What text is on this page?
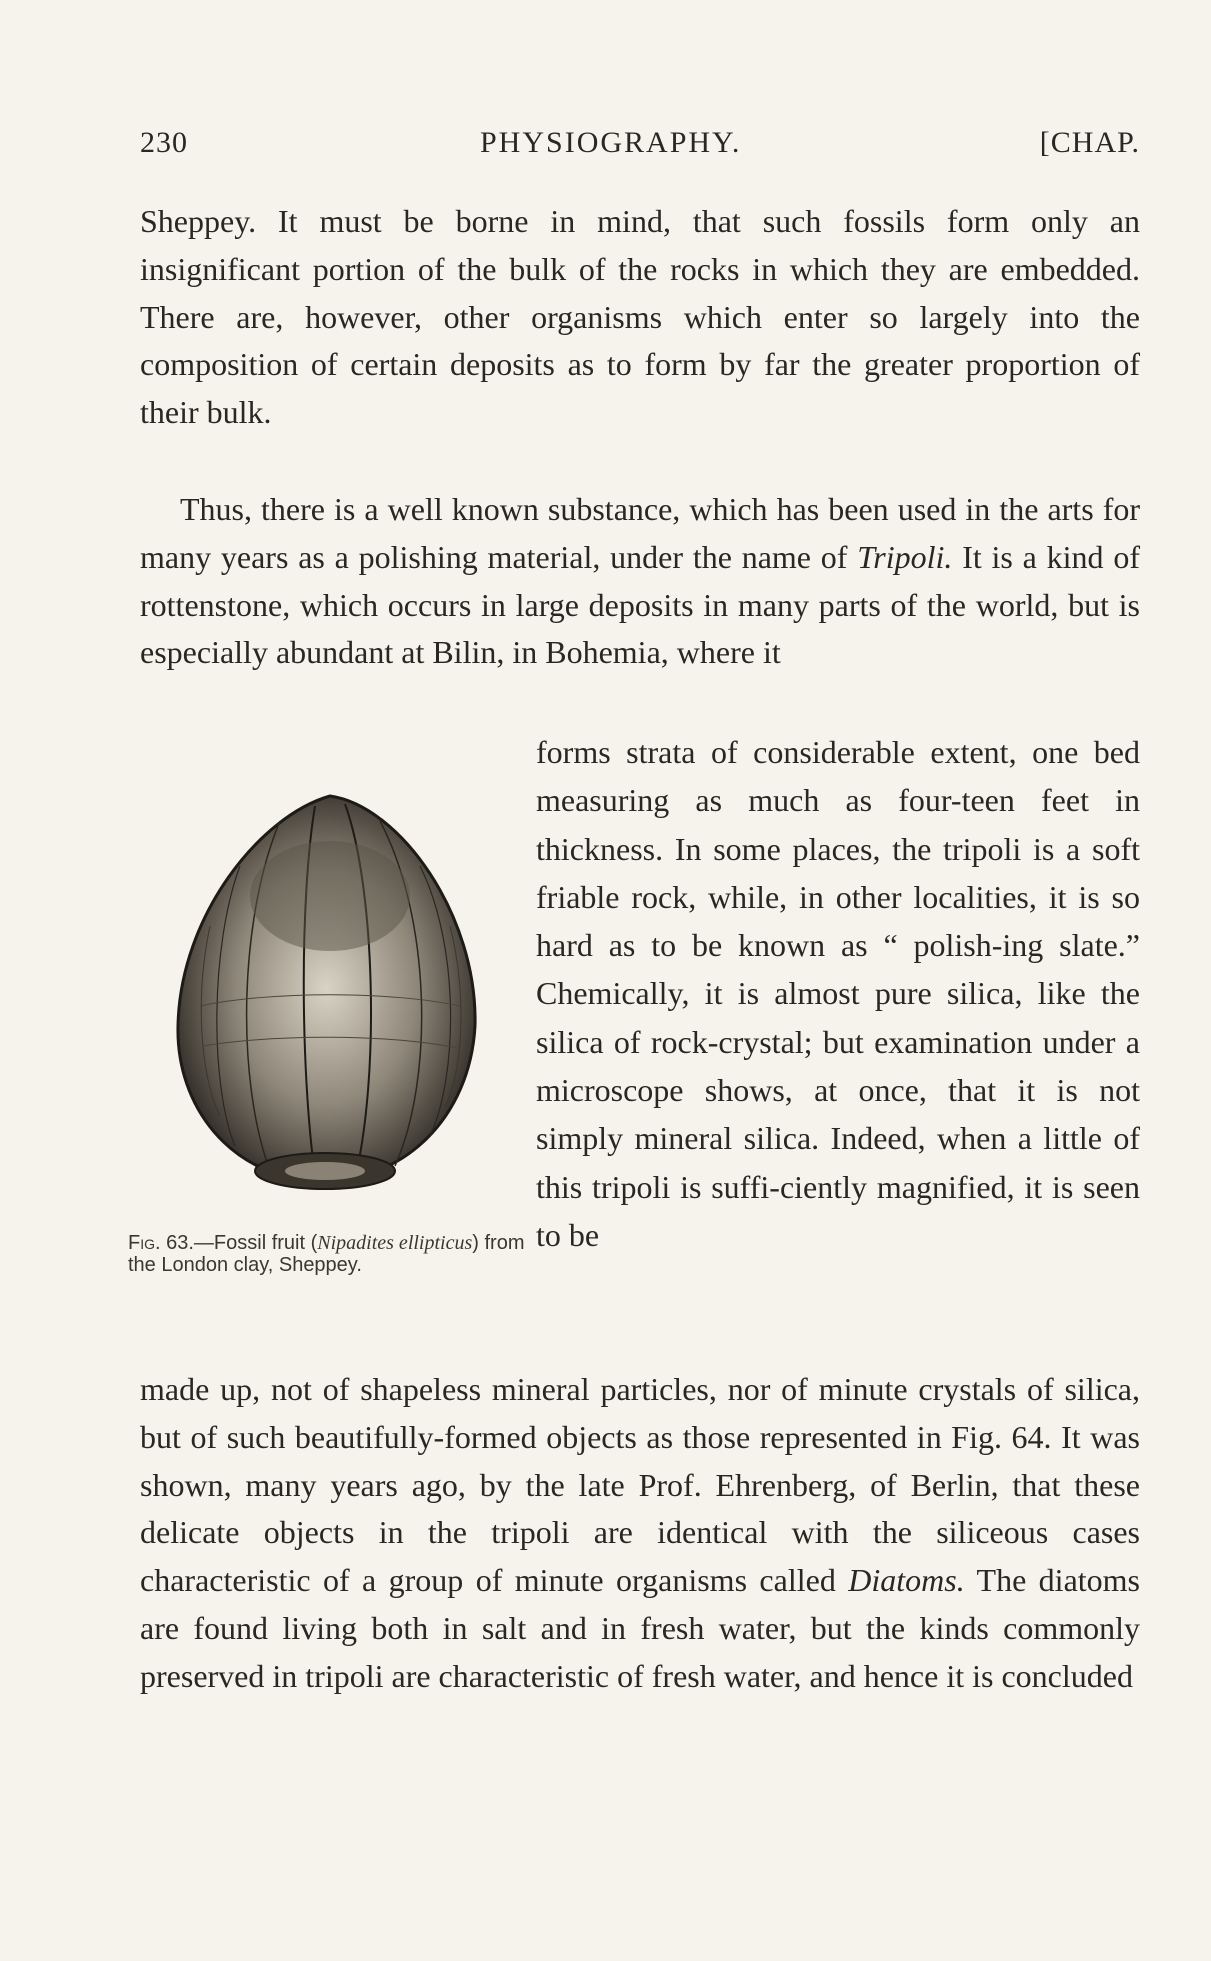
230	PHYSIOGRAPHY.	[CHAP.
Sheppey. It must be borne in mind, that such fossils form only an insignificant portion of the bulk of the rocks in which they are embedded. There are, however, other organisms which enter so largely into the composition of certain deposits as to form by far the greater proportion of their bulk.
Thus, there is a well known substance, which has been used in the arts for many years as a polishing material, under the name of Tripoli. It is a kind of rottenstone, which occurs in large deposits in many parts of the world, but is especially abundant at Bilin, in Bohemia, where it
Fig. 63.—Fossil fruit (Nipadites ellipticus) from the London clay, Sheppey.
forms strata of considerable extent, one bed measuring as much as four-teen feet in thickness. In some places, the tripoli is a soft friable rock, while, in other localities, it is so hard as to be known as “ polish-ing slate.” Chemically, it is almost pure silica, like the silica of rock-crystal; but examination under a microscope shows, at once, that it is not simply mineral silica. Indeed, when a little of this tripoli is suffi-ciently magnified, it is seen to be
made up, not of shapeless mineral particles, nor of minute crystals of silica, but of such beautifully-formed objects as those represented in Fig. 64. It was shown, many years ago, by the late Prof. Ehrenberg, of Berlin, that these delicate objects in the tripoli are identical with the siliceous cases characteristic of a group of minute organisms called Diatoms. The diatoms are found living both in salt and in fresh water, but the kinds commonly preserved in tripoli are characteristic of fresh water, and hence it is concluded
